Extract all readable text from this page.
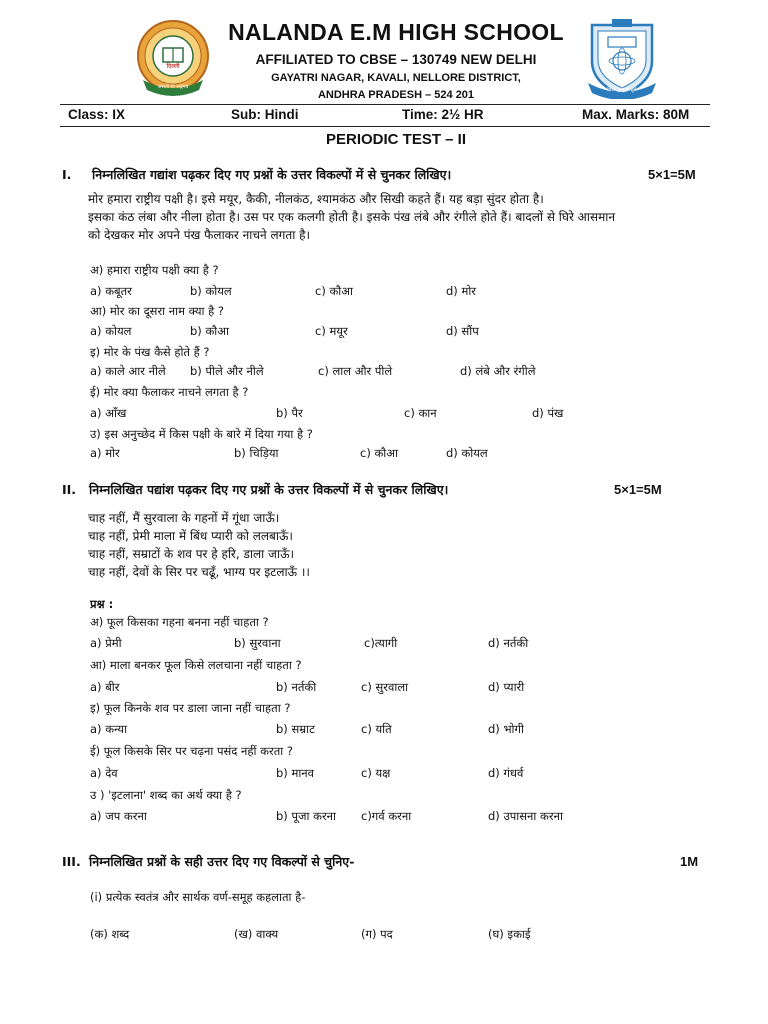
दिल्ली
असतो मा सद्गमय	विद्या अमृतमश्नुते
NALANDA E.M HIGH SCHOOL
AFFILIATED TO CBSE – 130749 NEW DELHI
GAYATRI NAGAR, KAVALI, NELLORE DISTRICT,
ANDHRA PRADESH – 524 201
Class: IX	Sub: Hindi	Time: 2½ HR	Max. Marks: 80M
PERIODIC TEST – II
I. निम्नलिखित गद्यांश पढ़कर दिए गए प्रश्नों के उत्तर विकल्पों में से चुनकर लिखिए।	5×1=5M
मोर हमारा राष्ट्रीय पक्षी है। इसे मयूर, कैकी, नीलकंठ, श्यामकंठ और सिखी कहते हैं। यह बड़ा सुंदर होता है।
इसका कंठ लंबा और नीला होता है। उस पर एक कलगी होती है। इसके पंख लंबे और रंगीले होते हैं। बादलों से घिरे आसमान
को देखकर मोर अपने पंख फैलाकर नाचने लगता है।
अ) हमारा राष्ट्रीय पक्षी क्या है ?
a) कबूतर	b) कोयल	c) कौआ	d) मोर
आ) मोर का दूसरा नाम क्या है ?
a) कोयल	b) कौआ	c) मयूर	d) सौंप
इ) मोर के पंख कैसे होते हैं ?
a) काले आर नीले b) पीले और नीले	c) लाल और पीले	d) लंबे और रंगीले
ई) मोर क्या फैलाकर नाचने लगता है ?
a) आँख	b) पैर	c) कान	d) पंख
उ) इस अनुच्छेद में किस पक्षी के बारे में दिया गया है ?
a) मोर	b) चिड़िया	c) कौआ	d) कोयल
II. निम्नलिखित पद्यांश पढ़कर दिए गए प्रश्नों के उत्तर विकल्पों में से चुनकर लिखिए।	5×1=5M
चाह नहीं, मैं सुरवाला के गहनों में गूंधा जाऊँ।
चाह नहीं, प्रेमी माला में बिंध प्यारी को ललबाऊँ।
चाह नहीं, सम्राटों के शव पर हे हरि, डाला जाऊँ।
चाह नहीं, देवों के सिर पर चढूँ, भाग्य पर इटलाऊँ ।।
प्रश्न :
अ) फूल किसका गहना बनना नहीं चाहता ?
a) प्रेमी	b) सुरवाना	c)त्यागी	d) नर्तकी
आ) माला बनकर फूल किसे ललचाना नहीं चाहता ?
a) बीर	b) नर्तकी	c) सुरवाला	d) प्यारी
इ) फूल किनके शव पर डाला जाना नहीं चाहता ?
a) कन्या	b) सम्राट	c) यति	d) भोगी
ई) फूल किसके सिर पर चढ़ना पसंद नहीं करता ?
a) देव	b) मानव	c) यक्ष	d) गंधर्व
उ ) 'इटलाना' शब्द का अर्थ क्या है ?
a) जप करना	b) पूजा करना c)गर्व करना	d) उपासना करना
III. निम्नलिखित प्रश्नों के सही उत्तर दिए गए विकल्पों से चुनिए-	1M
(i) प्रत्येक स्वतंत्र और सार्थक वर्ण-समूह कहलाता है-
(क) शब्द	(ख) वाक्य	(ग) पद	(घ) इकाई
